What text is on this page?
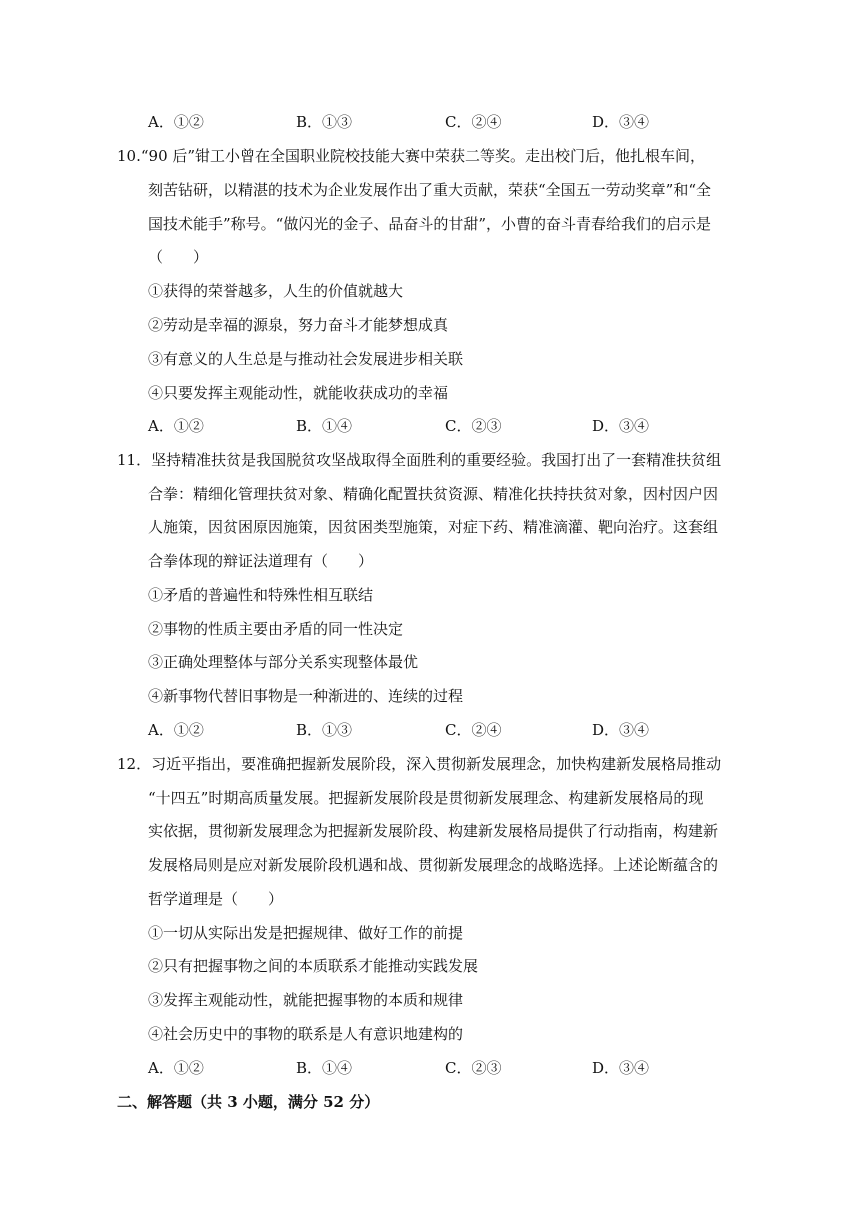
A．①②	B．①③	C．②④	D．③④
10.“90 后”钳工小曾在全国职业院校技能大赛中荣获二等奖。走出校门后，他扎根车间，
刻苦钻研，以精湛的技术为企业发展作出了重大贡献，荣获“全国五一劳动奖章”和“全
国技术能手”称号。“做闪光的金子、品奋斗的甘甜”，小曹的奋斗青春给我们的启示是
（　　）
①获得的荣誉越多，人生的价值就越大
②劳动是幸福的源泉，努力奋斗才能梦想成真
③有意义的人生总是与推动社会发展进步相关联
④只要发挥主观能动性，就能收获成功的幸福
A．①②	B．①④	C．②③	D．③④
11．坚持精准扶贫是我国脱贫攻坚战取得全面胜利的重要经验。我国打出了一套精准扶贫组
合拳：精细化管理扶贫对象、精确化配置扶贫资源、精准化扶持扶贫对象，因村因户因
人施策，因贫困原因施策，因贫困类型施策，对症下药、精准滴灌、靶向治疗。这套组
合拳体现的辩证法道理有（　　）
①矛盾的普遍性和特殊性相互联结
②事物的性质主要由矛盾的同一性决定
③正确处理整体与部分关系实现整体最优
④新事物代替旧事物是一种渐进的、连续的过程
A．①②	B．①③	C．②④	D．③④
12．习近平指出，要准确把握新发展阶段，深入贯彻新发展理念，加快构建新发展格局推动
“十四五”时期高质量发展。把握新发展阶段是贯彻新发展理念、构建新发展格局的现
实依据，贯彻新发展理念为把握新发展阶段、构建新发展格局提供了行动指南，构建新
发展格局则是应对新发展阶段机遇和战、贯彻新发展理念的战略选择。上述论断蕴含的
哲学道理是（　　）
①一切从实际出发是把握规律、做好工作的前提
②只有把握事物之间的本质联系才能推动实践发展
③发挥主观能动性，就能把握事物的本质和规律
④社会历史中的事物的联系是人有意识地建构的
A．①②	B．①④	C．②③	D．③④
二、解答题（共 3 小题，满分 52 分）
